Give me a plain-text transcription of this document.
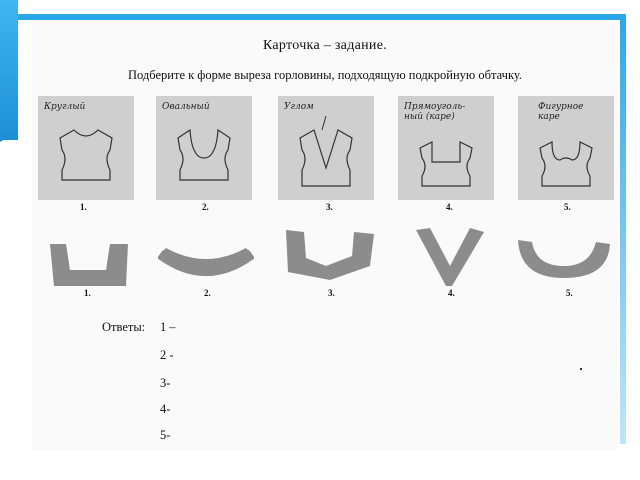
Карточка – задание.
Подберите к форме выреза горловины, подходящую подкройную обтачку.
Круглый	Овальный	Углом	Прямоуголь-
ный (каре)
Фигурное
каре
1.	2.	3.	4.	5.
1.	2.	3.	4.	5.
Ответы: 1 –
2 -
3-
4-
5-
